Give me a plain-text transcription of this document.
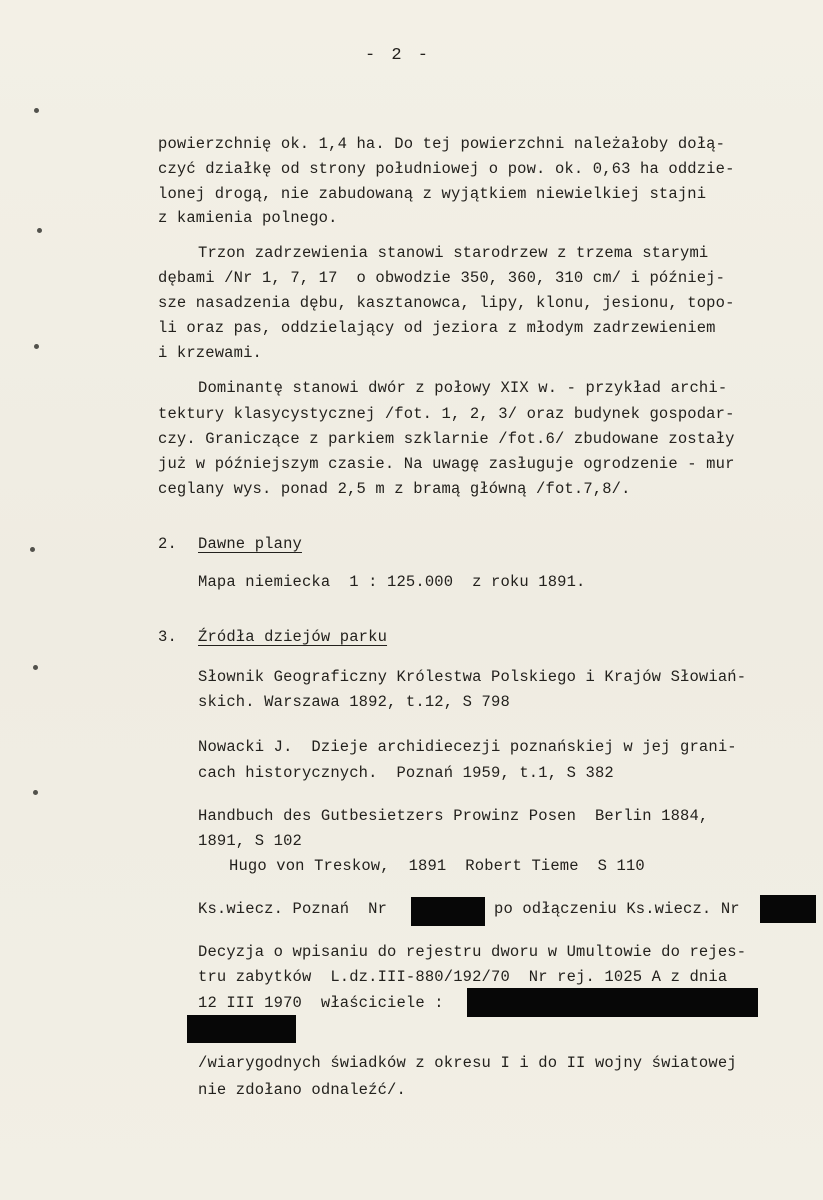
- 2 -
powierzchnię ok. 1,4 ha. Do tej powierzchni należałoby dołą-
czyć działkę od strony południowej o pow. ok. 0,63 ha oddzie-
lonej drogą, nie zabudowaną z wyjątkiem niewielkiej stajni
z kamienia polnego.
Trzon zadrzewienia stanowi starodrzew z trzema starymi
dębami /Nr 1, 7, 17  o obwodzie 350, 360, 310 cm/ i później-
sze nasadzenia dębu, kasztanowca, lipy, klonu, jesionu, topo-
li oraz pas, oddzielający od jeziora z młodym zadrzewieniem
i krzewami.
Dominantę stanowi dwór z połowy XIX w. - przykład archi-
tektury klasycystycznej /fot. 1, 2, 3/ oraz budynek gospodar-
czy. Graniczące z parkiem szklarnie /fot.6/ zbudowane zostały
już w późniejszym czasie. Na uwagę zasługuje ogrodzenie - mur
ceglany wys. ponad 2,5 m z bramą główną /fot.7,8/.
2. Dawne plany
Mapa niemiecka  1 : 125.000  z roku 1891.
3. Źródła dziejów parku
Słownik Geograficzny Królestwa Polskiego i Krajów Słowiań-
skich. Warszawa 1892, t.12, S 798
Nowacki J.  Dzieje archidiecezji poznańskiej w jej grani-
cach historycznych.  Poznań 1959, t.1, S 382
Handbuch des Gutbesietzers Prowinz Posen  Berlin 1884,
1891, S 102
Hugo von Treskow,  1891  Robert Tieme  S 110
Ks.wiecz. Poznań  Nr	po odłączeniu Ks.wiecz. Nr
Decyzja o wpisaniu do rejestru dworu w Umultowie do rejes-
tru zabytków  L.dz.III-880/192/70  Nr rej. 1025 A z dnia
12 III 1970  właściciele :
/wiarygodnych świadków z okresu I i do II wojny światowej
nie zdołano odnaleźć/.
